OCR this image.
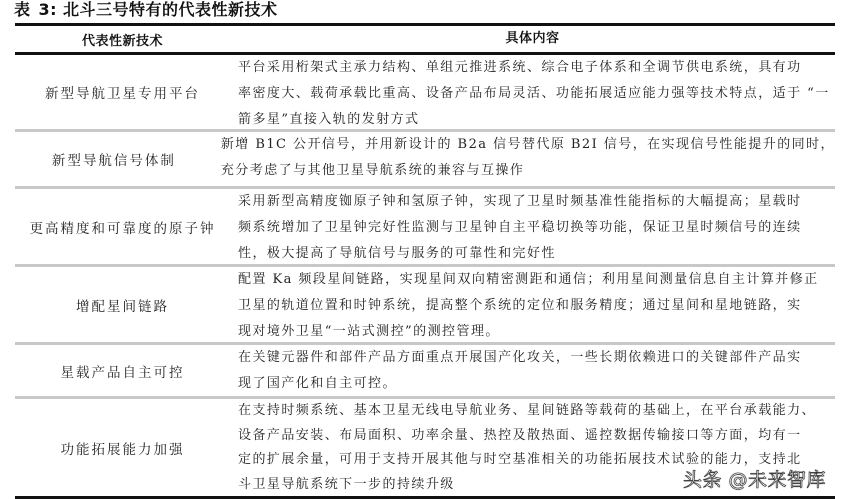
表 3: 北斗三号特有的代表性新技术
代表性新技术	具体内容
新型导航卫星专用平台
平台采用桁架式主承力结构、单组元推进系统、综合电子体系和全调节供电系统，具有功
率密度大、载荷承载比重高、设备产品布局灵活、功能拓展适应能力强等技术特点，适于 “一
箭多星”直接入轨的发射方式
新型导航信号体制
新增 B1C 公开信号，并用新设计的 B2a 信号替代原 B2I 信号，在实现信号性能提升的同时，
充分考虑了与其他卫星导航系统的兼容与互操作
更高精度和可靠度的原子钟
采用新型高精度铷原子钟和氢原子钟，实现了卫星时频基准性能指标的大幅提高；星载时
频系统增加了卫星钟完好性监测与卫星钟自主平稳切换等功能，保证卫星时频信号的连续
性，极大提高了导航信号与服务的可靠性和完好性
增配星间链路
配置 Ka 频段星间链路，实现星间双向精密测距和通信；利用星间测量信息自主计算并修正
卫星的轨道位置和时钟系统，提高整个系统的定位和服务精度；通过星间和星地链路，实
现对境外卫星“一站式测控”的测控管理。
星载产品自主可控
在关键元器件和部件产品方面重点开展国产化攻关，一些长期依赖进口的关键部件产品实
现了国产化和自主可控。
功能拓展能力加强
在支持时频系统、基本卫星无线电导航业务、星间链路等载荷的基础上，在平台承载能力、
设备产品安装、布局面积、功率余量、热控及散热面、遥控数据传输接口等方面，均有一
定的扩展余量，可用于支持开展其他与时空基准相关的功能拓展技术试验的能力，支持北
斗卫星导航系统下一步的持续升级	头条 @未来智库
